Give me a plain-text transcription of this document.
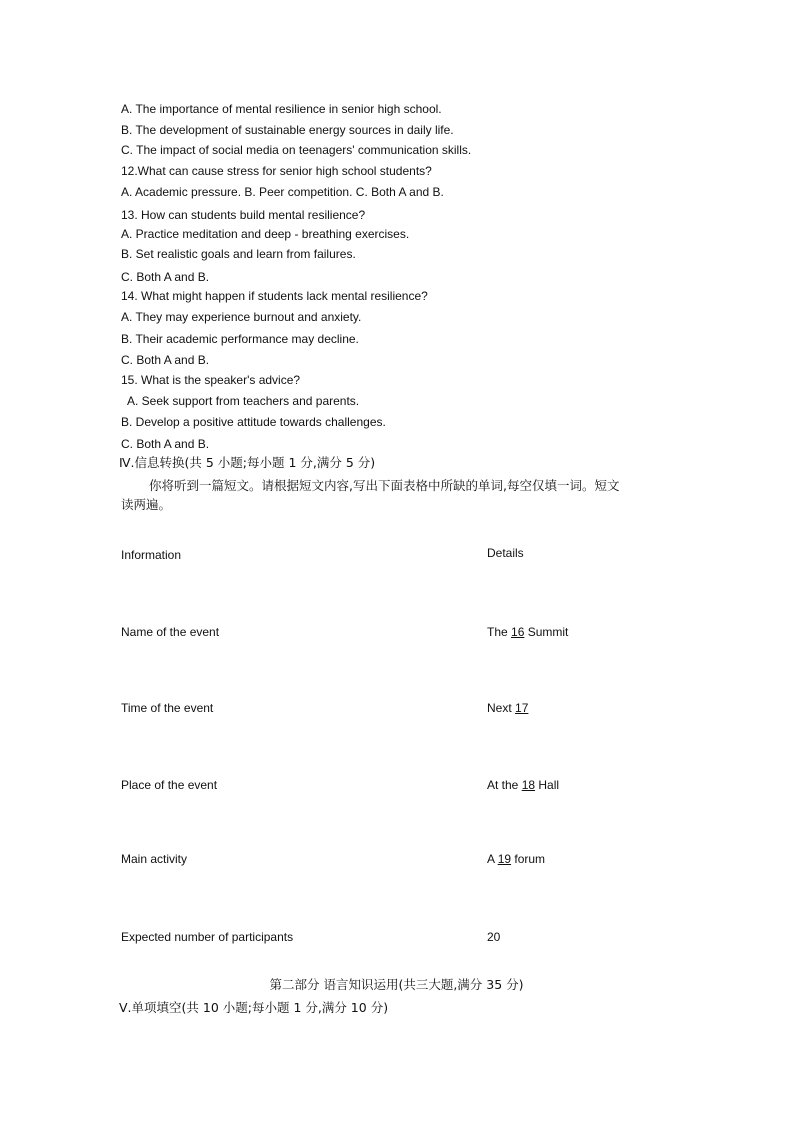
A. The importance of mental resilience in senior high school.
B. The development of sustainable energy sources in daily life.
C. The impact of social media on teenagers' communication skills.
12.What can cause stress for senior high school students?
A. Academic pressure. B. Peer competition. C. Both A and B.
13. How can students build mental resilience?
A. Practice meditation and deep - breathing exercises.
B. Set realistic goals and learn from failures.
C. Both A and B.
14. What might happen if students lack mental resilience?
A. They may experience burnout and anxiety.
B. Their academic performance may decline.
C. Both A and B.
15. What is the speaker's advice?
A. Seek support from teachers and parents.
B. Develop a positive attitude towards challenges.
C. Both A and B.
Ⅳ.信息转换(共 5 小题;每小题 1 分,满分 5 分)
你将听到一篇短文。请根据短文内容,写出下面表格中所缺的单词,每空仅填一词。短文
读两遍。
Information	Details
Name of the event	The 16 Summit
Time of the event	Next 17
Place of the event	At the 18 Hall
Main activity	A 19 forum
Expected number of participants	20
第二部分 语言知识运用(共三大题,满分 35 分)
Ⅴ.单项填空(共 10 小题;每小题 1 分,满分 10 分)
